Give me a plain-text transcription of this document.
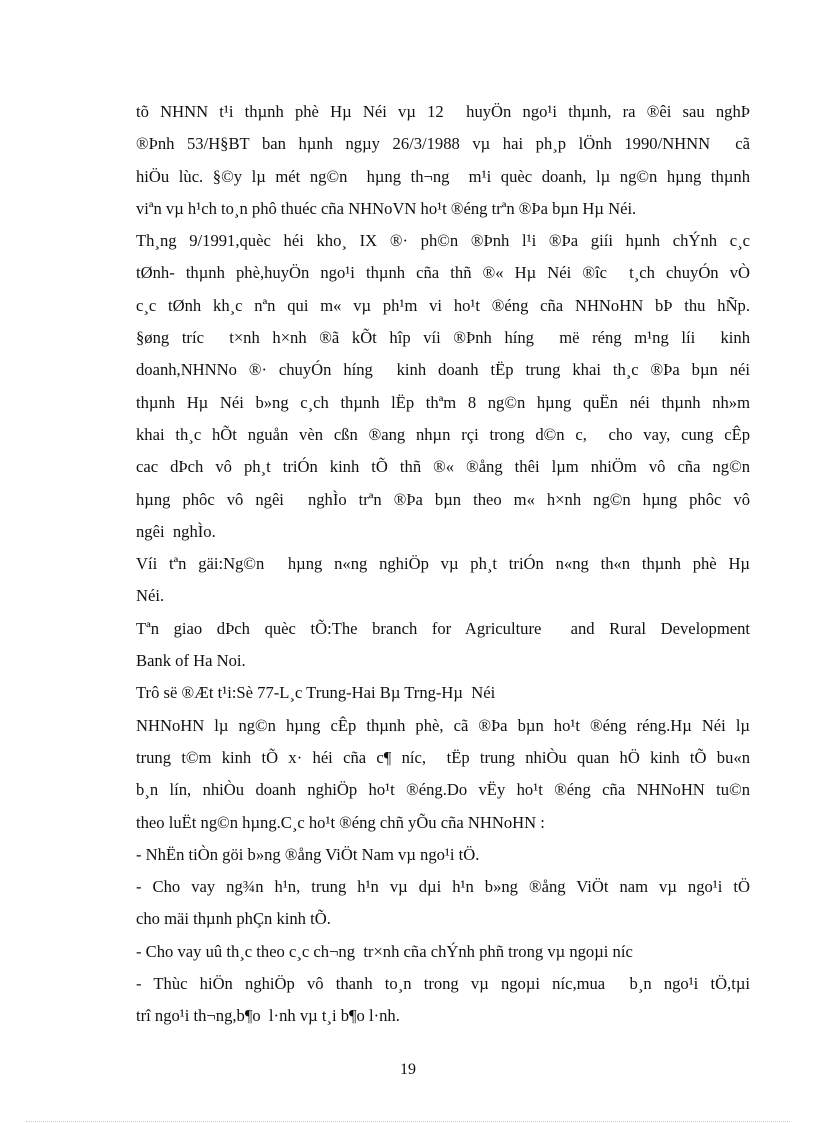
tõ NHNN t¹i thµnh phè Hµ Néi vµ 12  huyÖn ngo¹i thµnh, ra ®êi sau nghÞ
®Þnh 53/H§BT ban hµnh ngµy 26/3/1988 vµ hai ph¸p lÖnh 1990/NHNN  cã
hiÖu lùc. §©y lµ mét ng©n  hµng th¬ng  m¹i quèc doanh, lµ ng©n hµng thµnh
viªn vµ h¹ch to¸n phô thuéc cña NHNoVN ho¹t ®éng trªn ®Þa bµn Hµ Néi.
Th¸ng 9/1991,quèc héi kho¸ IX ®· ph©n ®Þnh l¹i ®Þa giíi hµnh chÝnh c¸c
tØnh- thµnh phè,huyÖn ngo¹i thµnh cña thñ ®« Hµ Néi ®îc  t¸ch chuyÓn vÒ
c¸c tØnh kh¸c nªn qui m« vµ ph¹m vi ho¹t ®éng cña NHNoHN bÞ thu hÑp.
§øng tríc  t×nh h×nh ®ã kÕt hîp víi ®Þnh híng  më réng m¹ng líi  kinh
doanh,NHNNo ®· chuyÓn híng  kinh doanh tËp trung khai th¸c ®Þa bµn néi
thµnh Hµ Néi b»ng c¸ch thµnh lËp thªm 8 ng©n hµng quËn néi thµnh nh»m
khai th¸c hÕt nguån vèn cßn ®ang nhµn rçi trong d©n c,  cho vay, cung cÊp
cac dÞch vô ph¸t triÓn kinh tÕ thñ ®« ®ång thêi lµm nhiÖm vô cña ng©n
hµng phôc vô ngêi  nghÌo trªn ®Þa bµn theo m« h×nh ng©n hµng phôc vô
ngêi  nghÌo.
Víi tªn gäi:Ng©n  hµng n«ng nghiÖp vµ ph¸t triÓn n«ng th«n thµnh phè Hµ
Néi.
Tªn giao dÞch quèc tÕ:The branch for Agriculture  and Rural Development
Bank of Ha Noi.
Trô së ®Æt t¹i:Sè 77-L¸c Trung-Hai Bµ Trng-Hµ  Néi
NHNoHN lµ ng©n hµng cÊp thµnh phè, cã ®Þa bµn ho¹t ®éng réng.Hµ Néi lµ
trung t©m kinh tÕ x· héi cña c¶ níc,  tËp trung nhiÒu quan hÖ kinh tÕ bu«n
b¸n lín, nhiÒu doanh nghiÖp ho¹t ®éng.Do vËy ho¹t ®éng cña NHNoHN tu©n
theo luËt ng©n hµng.C¸c ho¹t ®éng chñ yÕu cña NHNoHN :
- NhËn tiÒn göi b»ng ®ång ViÖt Nam vµ ngo¹i tÖ.
- Cho vay ng¾n h¹n, trung h¹n vµ dµi h¹n b»ng ®ång ViÖt nam vµ ngo¹i tÖ
cho mäi thµnh phÇn kinh tÕ.
- Cho vay uû th¸c theo c¸c ch¬ng  tr×nh cña chÝnh phñ trong vµ ngoµi níc
- Thùc hiÖn nghiÖp vô thanh to¸n trong vµ ngoµi níc,mua  b¸n ngo¹i tÖ,tµi
trî ngo¹i th¬ng,b¶o  l·nh vµ t¸i b¶o l·nh.
19
